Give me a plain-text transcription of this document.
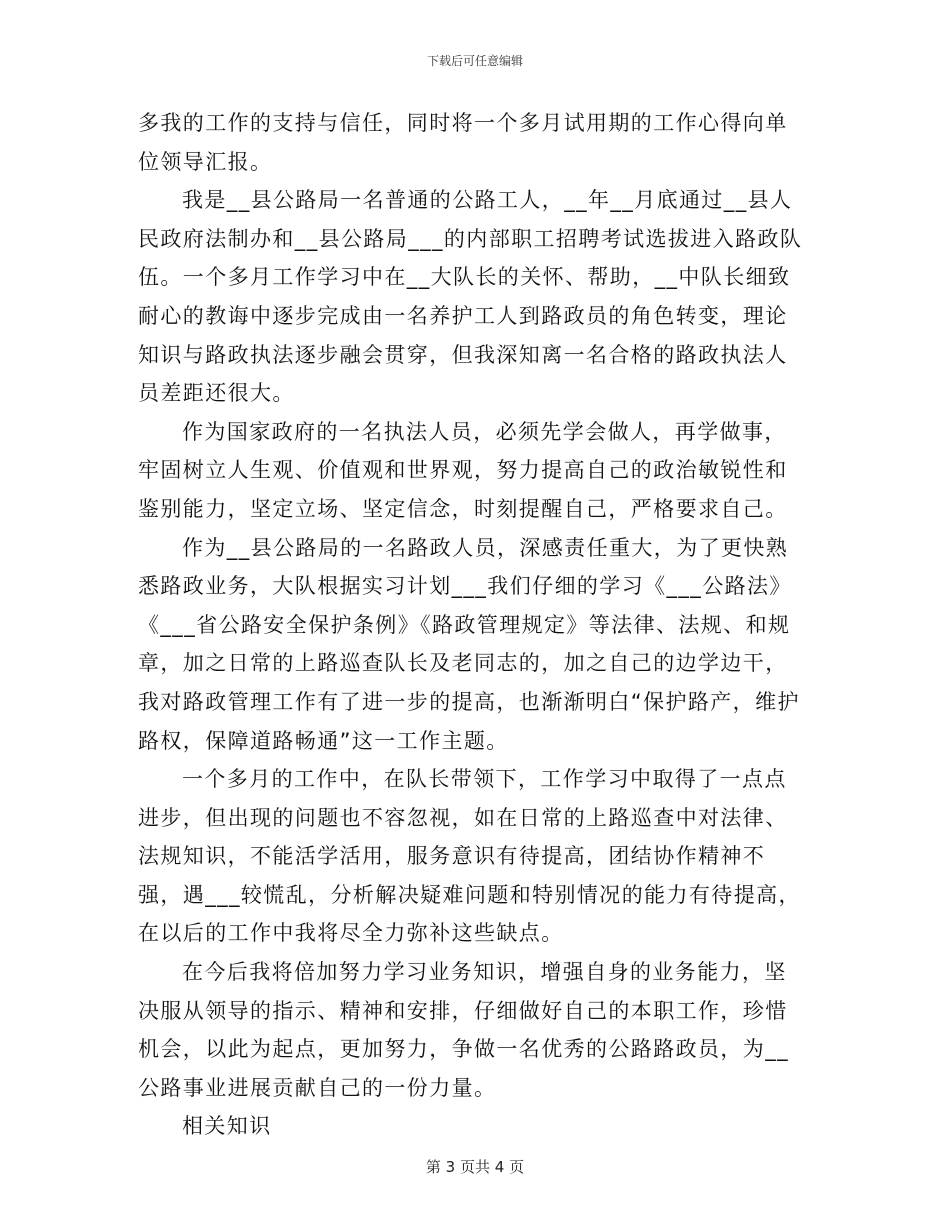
下载后可任意编辑

多我的工作的支持与信任，同时将一个多月试用期的工作心得向单位领导汇报。

我是__县公路局一名普通的公路工人，__年__月底通过__县人民政府法制办和__县公路局___的内部职工招聘考试选拔进入路政队伍。一个多月工作学习中在__大队长的关怀、帮助，__中队长细致耐心的教诲中逐步完成由一名养护工人到路政员的角色转变，理论知识与路政执法逐步融会贯穿，但我深知离一名合格的路政执法人员差距还很大。

作为国家政府的一名执法人员，必须先学会做人，再学做事，牢固树立人生观、价值观和世界观，努力提高自己的政治敏锐性和鉴别能力，坚定立场、坚定信念，时刻提醒自己，严格要求自己。

作为__县公路局的一名路政人员，深感责任重大，为了更快熟悉路政业务，大队根据实习计划___我们仔细的学习《___公路法》《___省公路安全保护条例》《路政管理规定》等法律、法规、和规章，加之日常的上路巡查队长及老同志的，加之自己的边学边干，我对路政管理工作有了进一步的提高，也渐渐明白“保护路产，维护路权，保障道路畅通”这一工作主题。

一个多月的工作中，在队长带领下，工作学习中取得了一点点进步，但出现的问题也不容忽视，如在日常的上路巡查中对法律、法规知识，不能活学活用，服务意识有待提高，团结协作精神不强，遇___较慌乱，分析解决疑难问题和特别情况的能力有待提高，在以后的工作中我将尽全力弥补这些缺点。

在今后我将倍加努力学习业务知识，增强自身的业务能力，坚决服从领导的指示、精神和安排，仔细做好自己的本职工作，珍惜机会，以此为起点，更加努力，争做一名优秀的公路路政员，为__公路事业进展贡献自己的一份力量。

相关知识

第 3 页共 4 页
